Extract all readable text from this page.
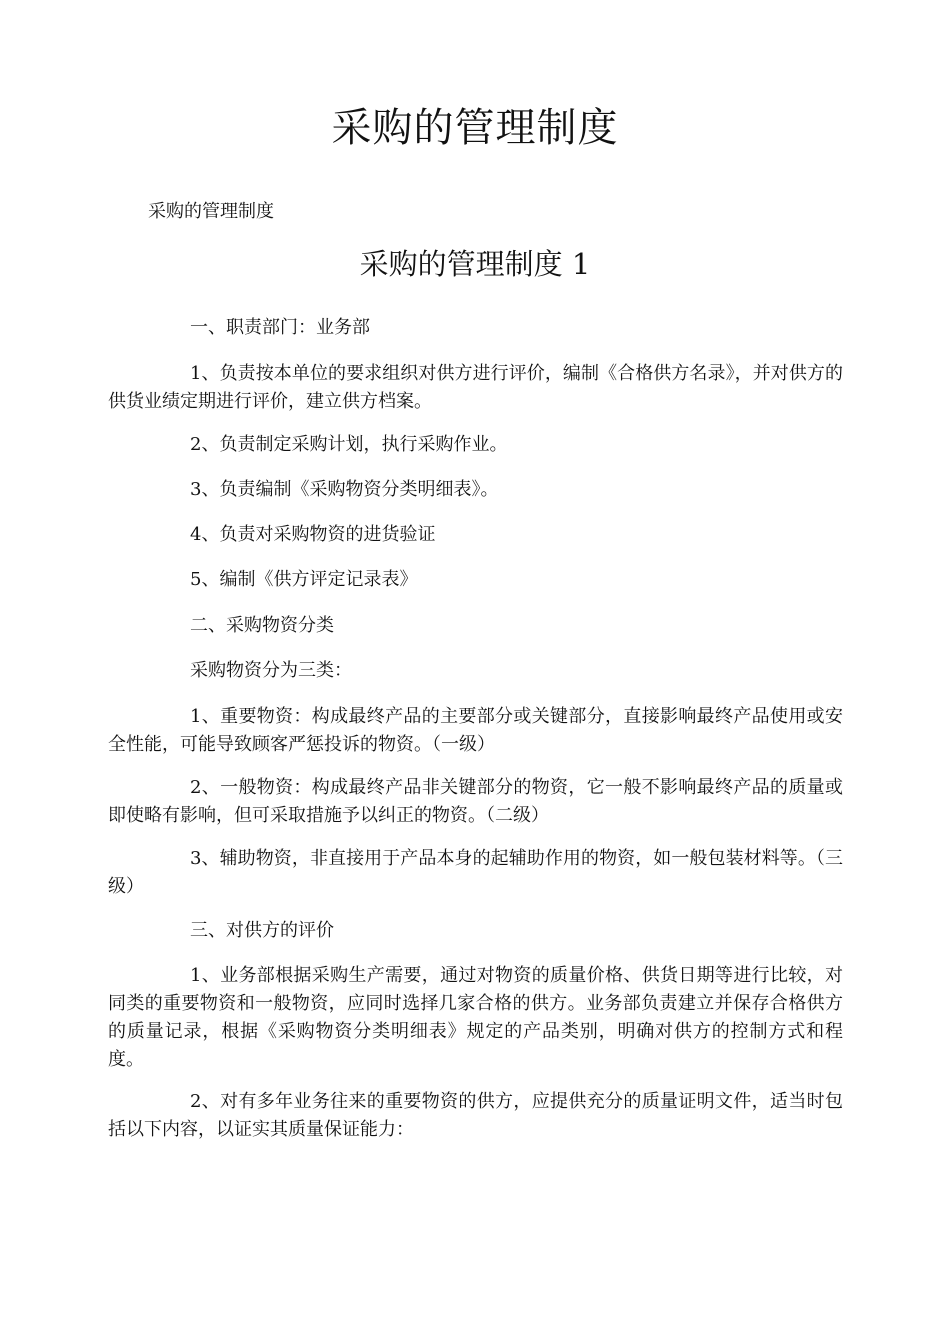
采购的管理制度
采购的管理制度
采购的管理制度 1

一、职责部门：业务部

1、负责按本单位的要求组织对供方进行评价，编制《合格供方名录》，并对供方的供货业绩定期进行评价，建立供方档案。

2、负责制定采购计划，执行采购作业。

3、负责编制《采购物资分类明细表》。

4、负责对采购物资的进货验证

5、编制《供方评定记录表》

二、采购物资分类

采购物资分为三类：

1、重要物资：构成最终产品的主要部分或关键部分，直接影响最终产品使用或安全性能，可能导致顾客严惩投诉的物资。（一级）

2、一般物资：构成最终产品非关键部分的物资，它一般不影响最终产品的质量或即使略有影响，但可采取措施予以纠正的物资。（二级）

3、辅助物资，非直接用于产品本身的起辅助作用的物资，如一般包装材料等。（三级）

三、对供方的评价

1、业务部根据采购生产需要，通过对物资的质量价格、供货日期等进行比较，对同类的重要物资和一般物资，应同时选择几家合格的供方。业务部负责建立并保存合格供方的质量记录，根据《采购物资分类明细表》规定的产品类别，明确对供方的控制方式和程度。

2、对有多年业务往来的重要物资的供方，应提供充分的质量证明文件，适当时包括以下内容，以证实其质量保证能力：
